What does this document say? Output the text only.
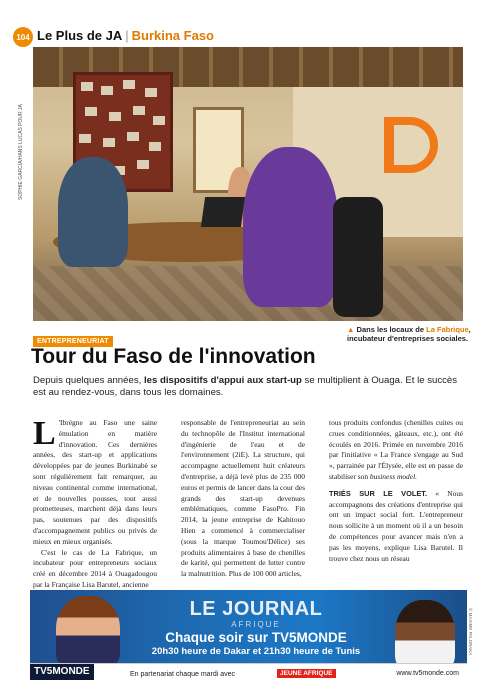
104 Le Plus de JA | Burkina Faso
SOPHIE GARCIA/HANS LUCAS POUR JA
▲ Dans les locaux de La Fabrique, incubateur d'entreprises sociales.
ENTREPRENEURIAT
Tour du Faso de l'innovation
Depuis quelques années, les dispositifs d'appui aux start-up se multiplient à Ouaga. Et le succès est au rendez-vous, dans tous les domaines.

L 'Ibrégne au Faso une saine émulation en matière d'innovation. Ces dernières années, des start-up et applications développées par de jeunes Burkinabè se sont régulièrement fait remarquer, au niveau continental comme international, et de nouvelles pousses, tout aussi prometteuses, marchent déjà dans leurs pas, soutenues par des dispositifs d'accompagnement publics ou privés de mieux en mieux organisés.

C'est le cas de La Fabrique, un incubateur pour entrepreneurs sociaux créé en décembre 2014 à Ouagadougou par la Française Lisa Barutel, ancienne

responsable de l'entrepreneuriat au sein du technopôle de l'Institut international d'ingénierie de l'eau et de l'environnement (2iE). La structure, qui accompagne actuellement huit créateurs d'entreprise, a déjà levé plus de 235 000 euros et permis de lancer dans la cour des grands des start-up devenues emblématiques, comme FasoPro. Fin 2014, la jeune entreprise de Kahitouo Hien a commencé à commercialiser (sous la marque Toumou'Délice) ses produits alimentaires à base de chenilles de karité, qui permettent de lutter contre la malnutrition. Plus de 100 000 articles,

tous produits confondus (chenilles cuites ou crues conditionnées, gâteaux, etc.), ont été écoulés en 2016. Primée en novembre 2016 par l'initiative « La France s'engage au Sud », parrainée par l'Élysée, elle est en passe de stabiliser son business model.

TRIÉS SUR LE VOLET. « Nous accompagnons des créations d'entreprise qui ont un impact social fort. L'entrepreneur nous sollicite à un moment où il a un besoin de compétences pour avancer mais n'en a pas les moyens, explique Lisa Barutel. Il trouve chez nous un réseau

LE JOURNAL
AFRIQUE
Chaque soir sur TV5MONDE
20h30 heure de Dakar et 21h30 heure de Tunis
TV5MONDE	En partenariat chaque mardi avec	JEUNE AFRIQUE	www.tv5monde.com
© MAXIME PALDRAKA
